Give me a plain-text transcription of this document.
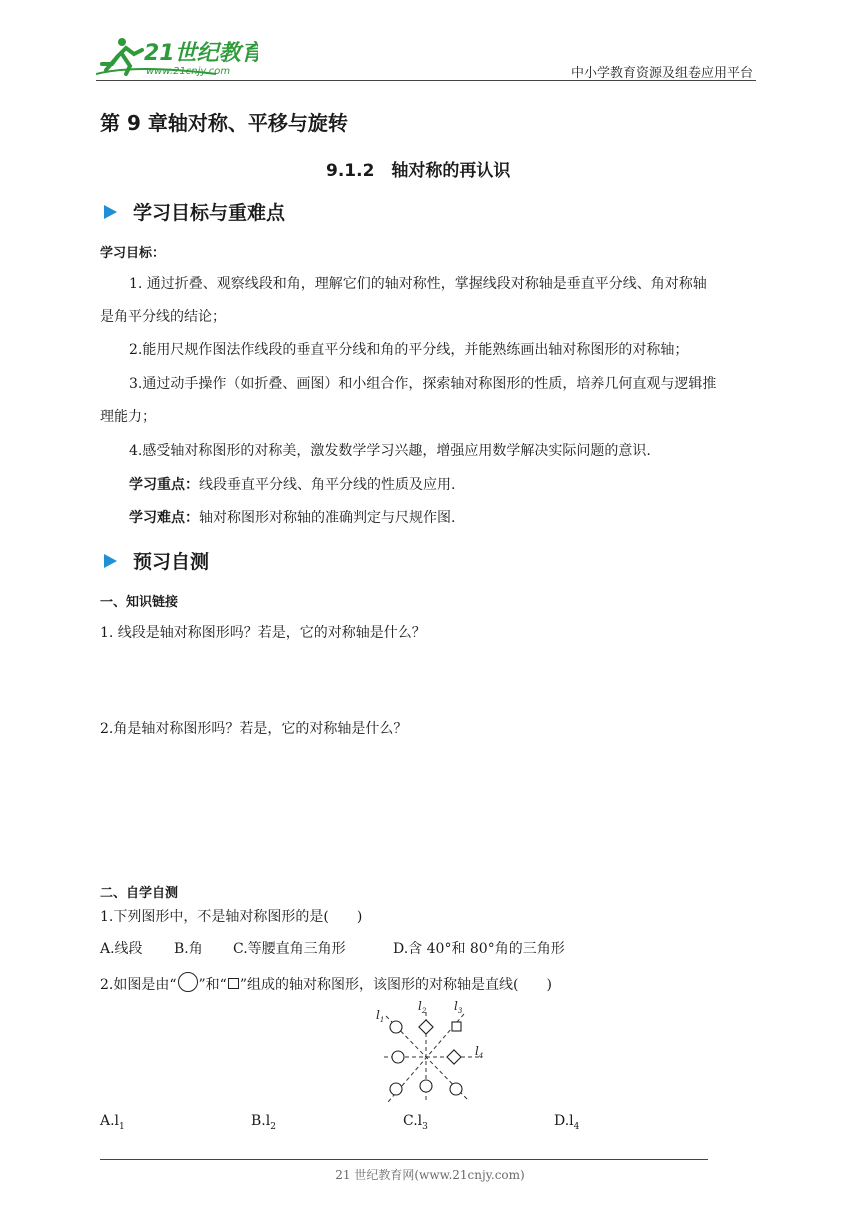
21世纪教育
www.21cnjy.com	中小学教育资源及组卷应用平台
第 9 章轴对称、平移与旋转
9.1.2　轴对称的再认识
学习目标与重难点
学习目标：
1. 通过折叠、观察线段和角，理解它们的轴对称性，掌握线段对称轴是垂直平分线、角对称轴
是角平分线的结论；
2.能用尺规作图法作线段的垂直平分线和角的平分线，并能熟练画出轴对称图形的对称轴；
3.通过动手操作（如折叠、画图）和小组合作，探索轴对称图形的性质，培养几何直观与逻辑推
理能力；
4.感受轴对称图形的对称美，激发数学学习兴趣，增强应用数学解决实际问题的意识.
学习重点：线段垂直平分线、角平分线的性质及应用.
学习难点：轴对称图形对称轴的准确判定与尺规作图.
预习自测
一、知识链接
1. 线段是轴对称图形吗？若是，它的对称轴是什么？
2.角是轴对称图形吗？若是，它的对称轴是什么？
二、自学自测
1.下列图形中，不是轴对称图形的是(　　)
A.线段 B.角 C.等腰直角三角形	D.含 40°和 80°角的三角形
2.如图是由“ ”和“ ”组成的轴对称图形，该图形的对称轴是直线(　　)
$l_1$
$l_2$ $l_3$
$l_4$
$A.l_1$	$B.l_2$	$C.l_3$	$D.l_4$
21 世纪教育网(www.21cnjy.com)
